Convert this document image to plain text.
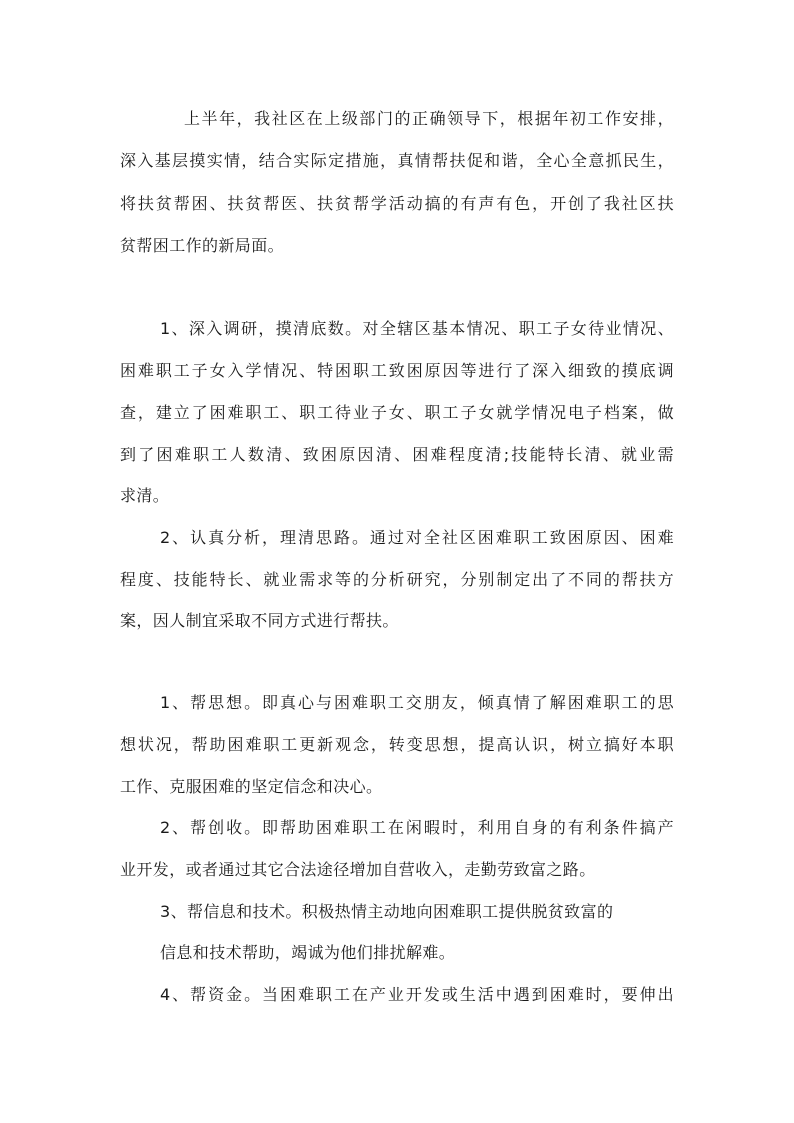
上半年，我社区在上级部门的正确领导下，根据年初工作安排，
深入基层摸实情，结合实际定措施，真情帮扶促和谐，全心全意抓民生，
将扶贫帮困、扶贫帮医、扶贫帮学活动搞的有声有色，开创了我社区扶
贫帮困工作的新局面。
1、深入调研，摸清底数。对全辖区基本情况、职工子女待业情况、
困难职工子女入学情况、特困职工致困原因等进行了深入细致的摸底调
查，建立了困难职工、职工待业子女、职工子女就学情况电子档案，做
到了困难职工人数清、致困原因清、困难程度清;技能特长清、就业需
求清。
2、认真分析，理清思路。通过对全社区困难职工致困原因、困难
程度、技能特长、就业需求等的分析研究，分别制定出了不同的帮扶方
案，因人制宜采取不同方式进行帮扶。
1、帮思想。即真心与困难职工交朋友，倾真情了解困难职工的思
想状况，帮助困难职工更新观念，转变思想，提高认识，树立搞好本职
工作、克服困难的坚定信念和决心。
2、帮创收。即帮助困难职工在闲暇时，利用自身的有利条件搞产
业开发，或者通过其它合法途径增加自营收入，走勤劳致富之路。
3、帮信息和技术。积极热情主动地向困难职工提供脱贫致富的
信息和技术帮助，竭诚为他们排扰解难。
4、帮资金。当困难职工在产业开发或生活中遇到困难时，要伸出
